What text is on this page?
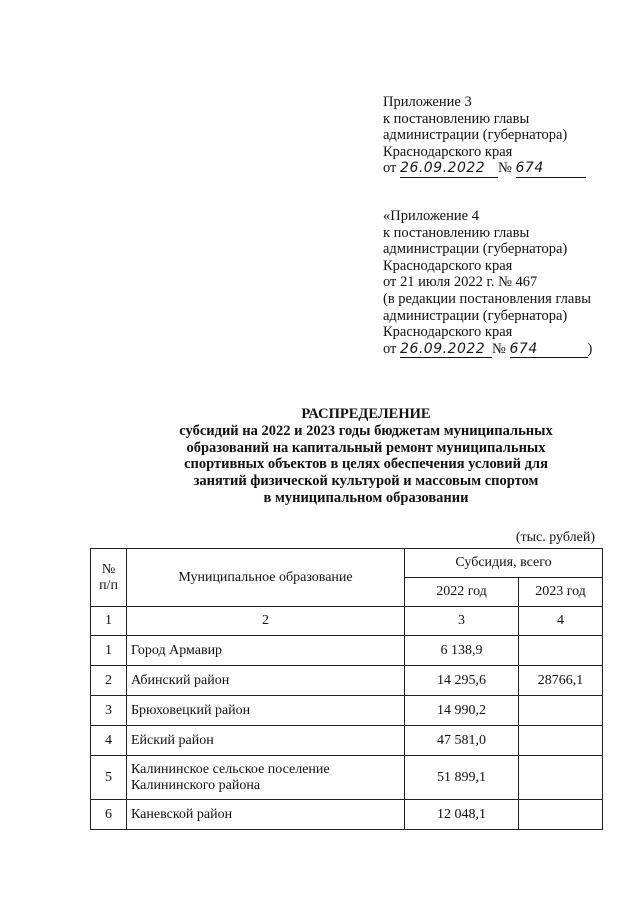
Приложение 3
к постановлению главы
администрации (губернатора)
Краснодарского края
от 26.09.2022 № 674
«Приложение 4
к постановлению главы
администрации (губернатора)
Краснодарского края
от 21 июля 2022 г. № 467
(в редакции постановления главы
администрации (губернатора)
Краснодарского края
от 26.09.2022 № 674	)
РАСПРЕДЕЛЕНИЕ
субсидий на 2022 и 2023 годы бюджетам муниципальных
образований на капитальный ремонт муниципальных
спортивных объектов в целях обеспечения условий для
занятий физической культурой и массовым спортом
в муниципальном образовании
(тыс. рублей)
№
п/п	Муниципальное образование	Субсидия, всего	
		2022 год	2023 год
1	2	3	4
1	Город Армавир	6 138,9	
2	Абинский район	14 295,6	28766,1
3	Брюховецкий район	14 990,2	
4	Ейский район	47 581,0	
5	Калининское сельское поселение
Калининского района	51 899,1	
6	Каневской район	12 048,1	
